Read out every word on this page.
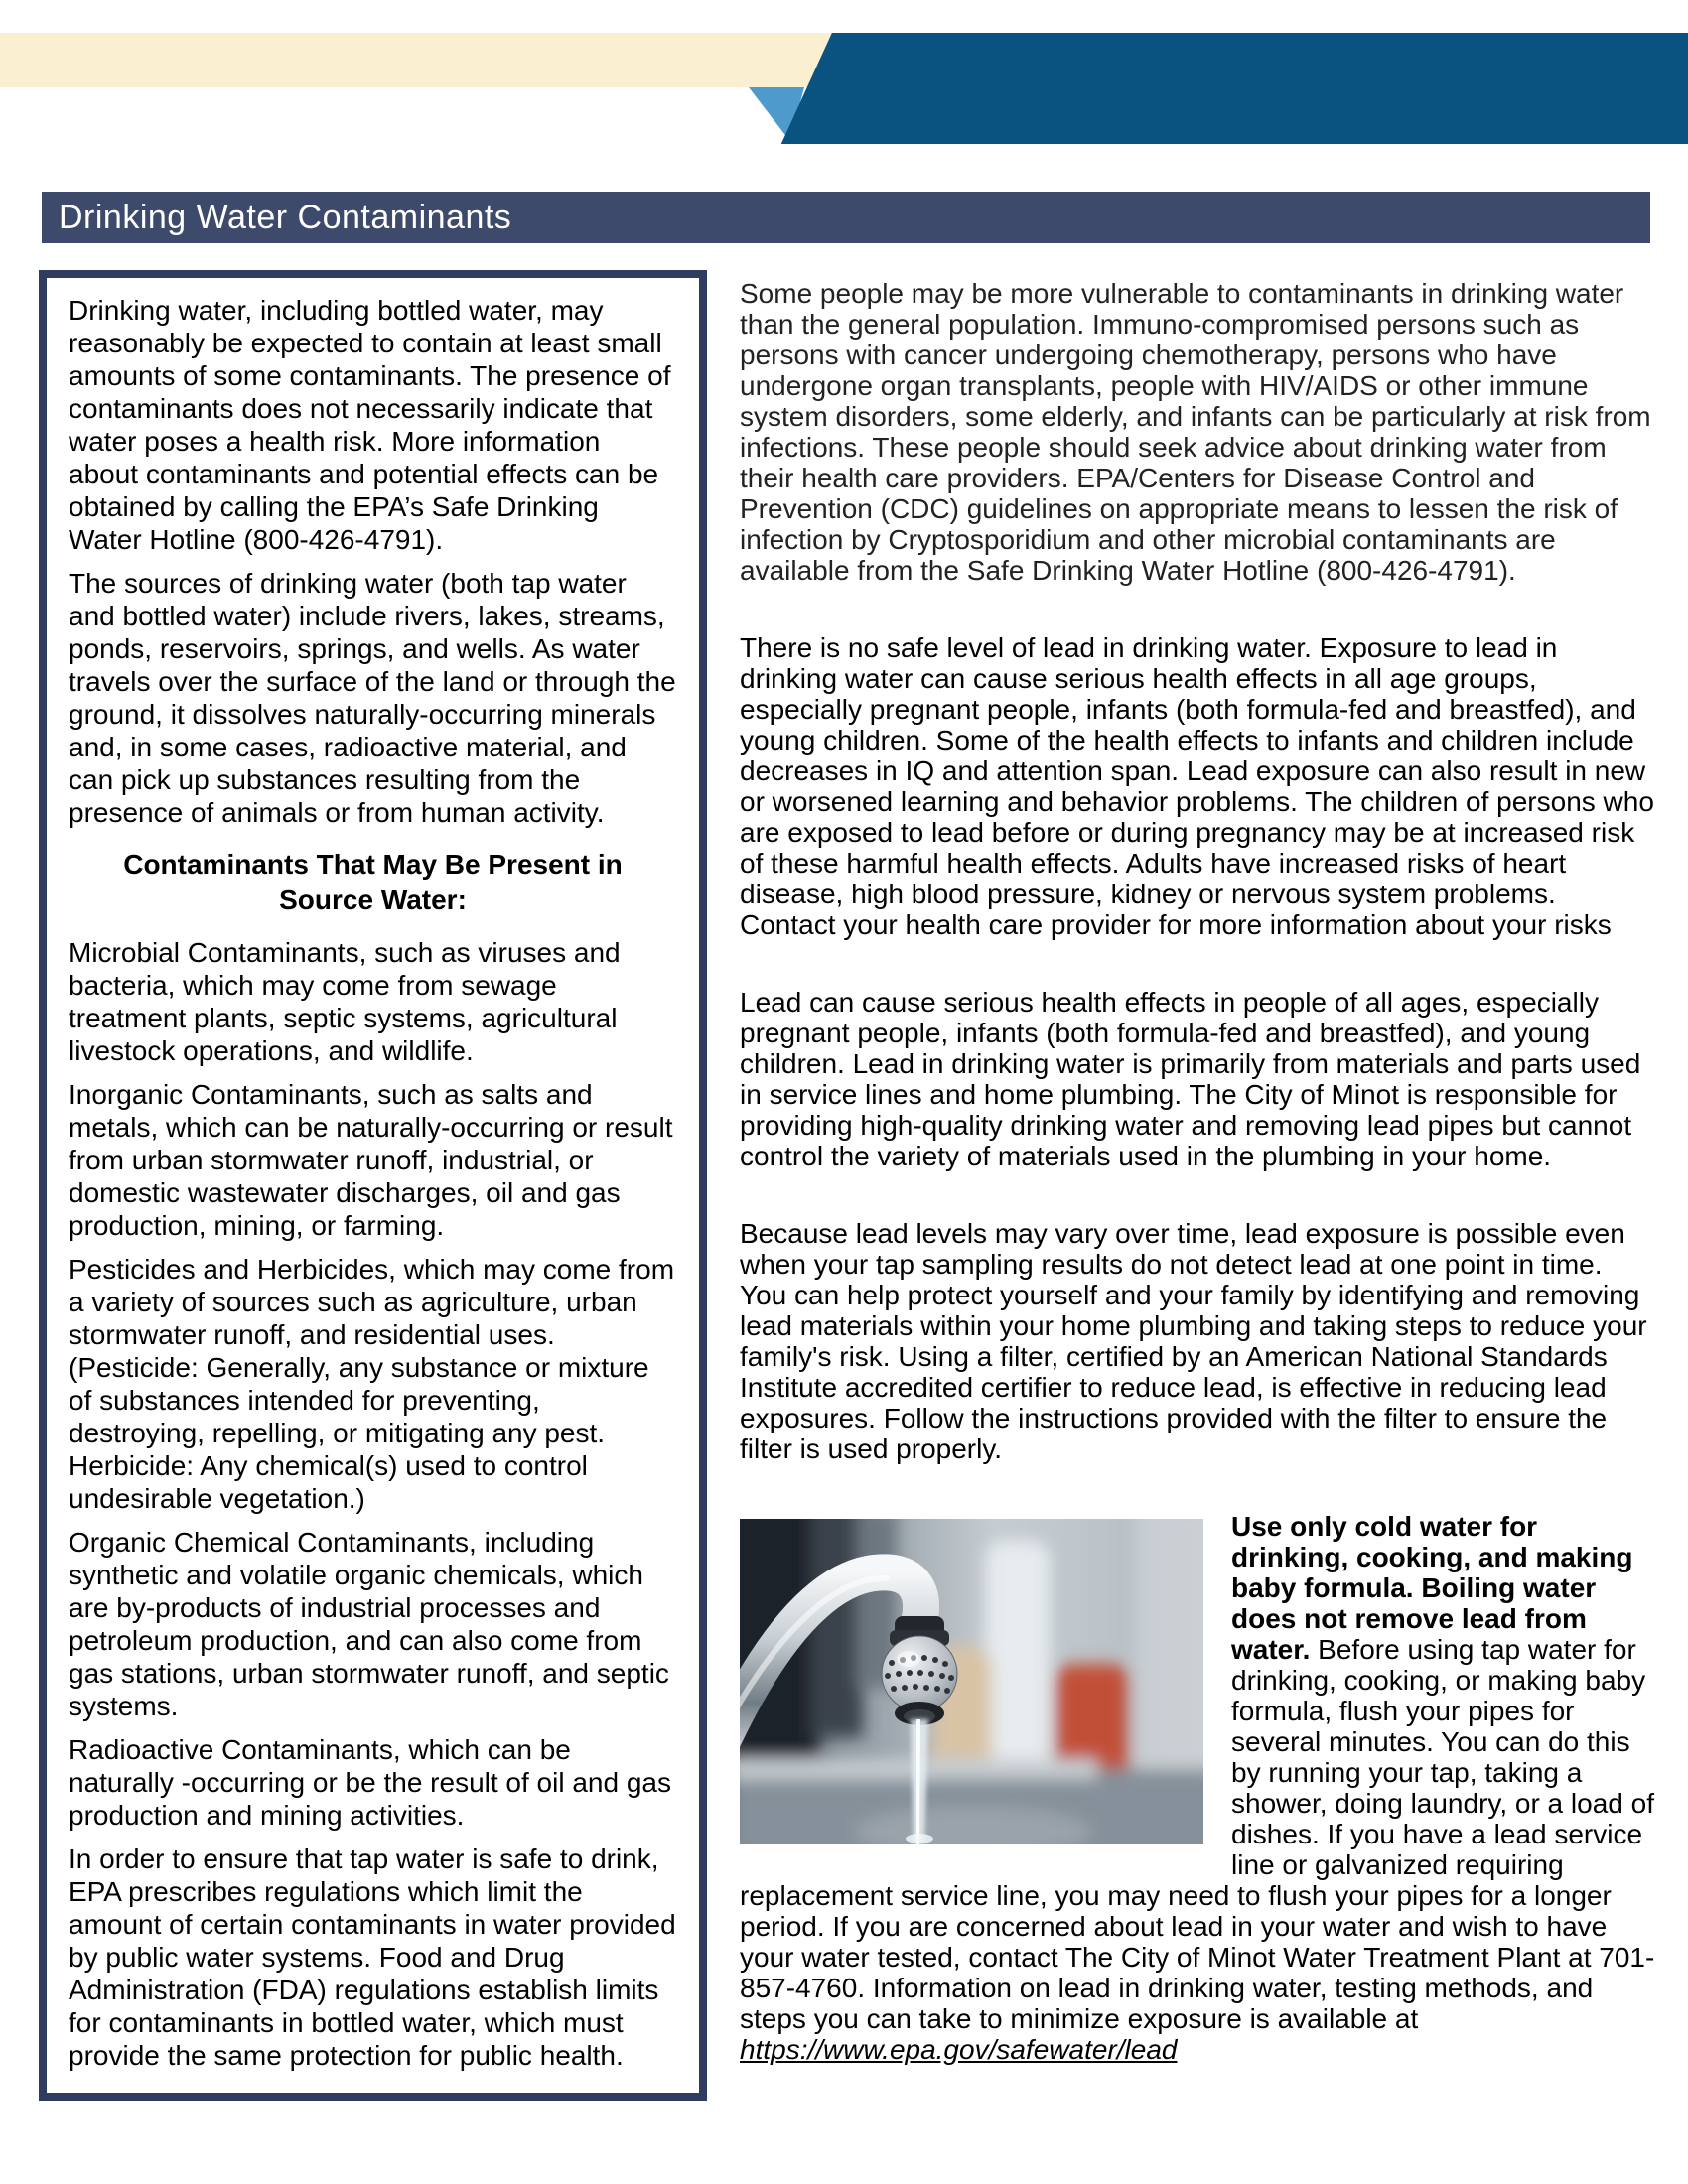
Drinking Water Contaminants

Drinking water, including bottled water, may reasonably be expected to contain at least small amounts of some contaminants. The presence of contaminants does not necessarily indicate that water poses a health risk. More information about contaminants and potential effects can be obtained by calling the EPA’s Safe Drinking Water Hotline (800-426-4791).

The sources of drinking water (both tap water and bottled water) include rivers, lakes, streams, ponds, reservoirs, springs, and wells. As water travels over the surface of the land or through the ground, it dissolves naturally-occurring minerals and, in some cases, radioactive material, and can pick up substances resulting from the presence of animals or from human activity.

Contaminants That May Be Present in Source Water:

Microbial Contaminants, such as viruses and bacteria, which may come from sewage treatment plants, septic systems, agricultural livestock operations, and wildlife.

Inorganic Contaminants, such as salts and metals, which can be naturally-occurring or result from urban stormwater runoff, industrial, or domestic wastewater discharges, oil and gas production, mining, or farming.

Pesticides and Herbicides, which may come from a variety of sources such as agriculture, urban stormwater runoff, and residential uses. (Pesticide: Generally, any substance or mixture of substances intended for preventing, destroying, repelling, or mitigating any pest. Herbicide: Any chemical(s) used to control undesirable vegetation.)

Organic Chemical Contaminants, including synthetic and volatile organic chemicals, which are by-products of industrial processes and petroleum production, and can also come from gas stations, urban stormwater runoff, and septic systems.

Radioactive Contaminants, which can be naturally -occurring or be the result of oil and gas production and mining activities.

In order to ensure that tap water is safe to drink, EPA prescribes regulations which limit the amount of certain contaminants in water provided by public water systems. Food and Drug Administration (FDA) regulations establish limits for contaminants in bottled water, which must provide the same protection for public health.

Some people may be more vulnerable to contaminants in drinking water than the general population. Immuno-compromised persons such as persons with cancer undergoing chemotherapy, persons who have undergone organ transplants, people with HIV/AIDS or other immune system disorders, some elderly, and infants can be particularly at risk from infections. These people should seek advice about drinking water from their health care providers. EPA/Centers for Disease Control and Prevention (CDC) guidelines on appropriate means to lessen the risk of infection by Cryptosporidium and other microbial contaminants are available from the Safe Drinking Water Hotline (800-426-4791).

There is no safe level of lead in drinking water. Exposure to lead in drinking water can cause serious health effects in all age groups, especially pregnant people, infants (both formula-fed and breastfed), and young children. Some of the health effects to infants and children include decreases in IQ and attention span. Lead exposure can also result in new or worsened learning and behavior problems. The children of persons who are exposed to lead before or during pregnancy may be at increased risk of these harmful health effects. Adults have increased risks of heart disease, high blood pressure, kidney or nervous system problems. Contact your health care provider for more information about your risks

Lead can cause serious health effects in people of all ages, especially pregnant people, infants (both formula-fed and breastfed), and young children. Lead in drinking water is primarily from materials and parts used in service lines and home plumbing. The City of Minot is responsible for providing high-quality drinking water and removing lead pipes but cannot control the variety of materials used in the plumbing in your home.

Because lead levels may vary over time, lead exposure is possible even when your tap sampling results do not detect lead at one point in time. You can help protect yourself and your family by identifying and removing lead materials within your home plumbing and taking steps to reduce your family's risk. Using a filter, certified by an American National Standards Institute accredited certifier to reduce lead, is effective in reducing lead exposures. Follow the instructions provided with the filter to ensure the filter is used properly.

Use only cold water for drinking, cooking, and making baby formula. Boiling water does not remove lead from water. Before using tap water for drinking, cooking, or making baby formula, flush your pipes for several minutes. You can do this by running your tap, taking a shower, doing laundry, or a load of dishes. If you have a lead service line or galvanized requiring replacement service line, you may need to flush your pipes for a longer period. If you are concerned about lead in your water and wish to have your water tested, contact The City of Minot Water Treatment Plant at 701-857-4760. Information on lead in drinking water, testing methods, and steps you can take to minimize exposure is available at https://www.epa.gov/safewater/lead
